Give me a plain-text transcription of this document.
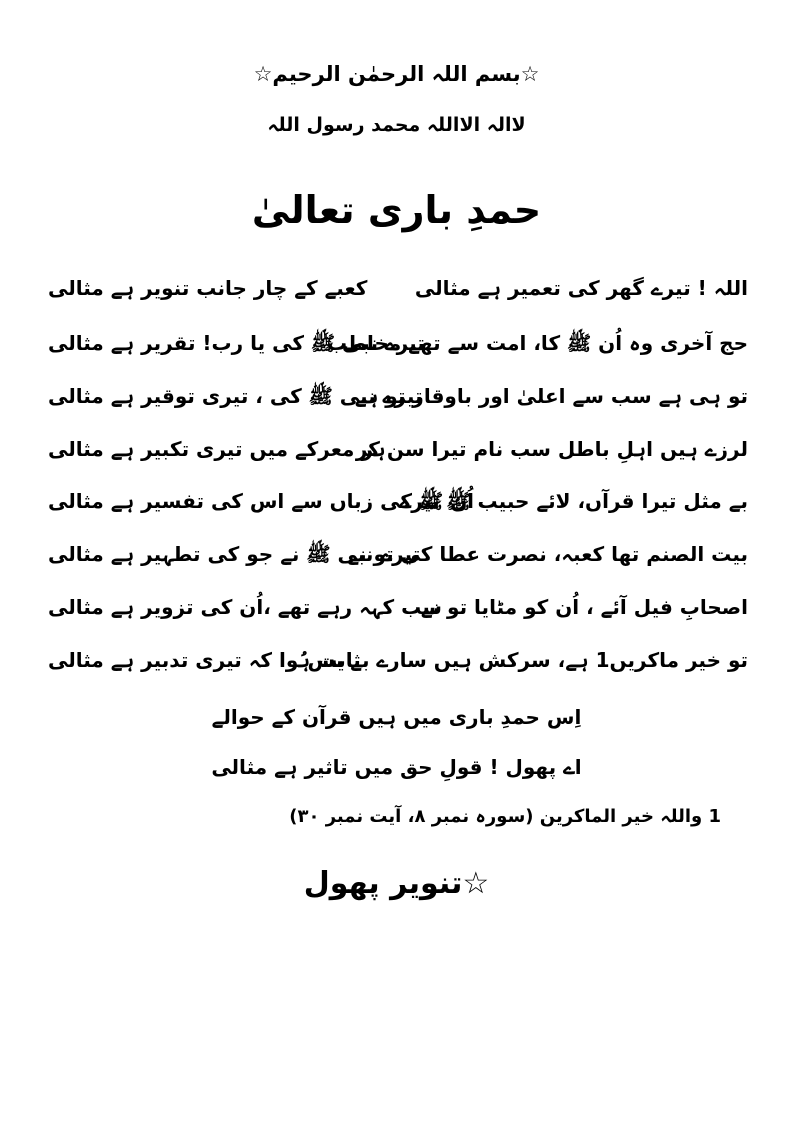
☆بسم اللہ الرحمٰن الرحیم☆
لاالہ الااللہ محمد رسول اللہ
حمدِ باری تعالیٰ
اللہ ! تیرے گھر کی تعمیر ہے مثالی
کعبے کے چار جانب تنویر ہے مثالی
حج آخری وہ اُن ﷺ کا، امت سے تھے مخاطب
تیرے نبی ﷺ کی یا رب! تقریر ہے مثالی
تو ہی ہے سب سے اعلیٰ اور باوقار تو ہے
تیرے نبی ﷺ کی ، تیری توقیر ہے مثالی
لرزے ہیں اہلِ باطل سب نام تیرا سن کر
ہر معرکے میں تیری تکبیر ہے مثالی
بے مثل تیرا قرآں، لائے حبیب ﷺ تیرے
اُن ﷺ کی زباں سے اس کی تفسیر ہے مثالی
بیت الصنم تھا کعبہ، نصرت عطا کی تو نے
تیرے نبی ﷺ نے جو کی تطہیر ہے مثالی
اصحابِ فیل آئے ، اُن کو مٹایا تو نے
سب کہہ رہے تھے ،اُن کی تزویر ہے مثالی
تو خیر ماکریں1 ہے، سرکش ہیں سارے بے بس
ثابت ہُوا کہ تیری تدبیر ہے مثالی
اِس حمدِ باری میں ہیں قرآن کے حوالے
اے پھول ! قولِ حق میں تاثیر ہے مثالی
1 واللہ خیر الماکرین (سورہ نمبر ۸، آیت نمبر ۳۰)
☆تنویر پھول
